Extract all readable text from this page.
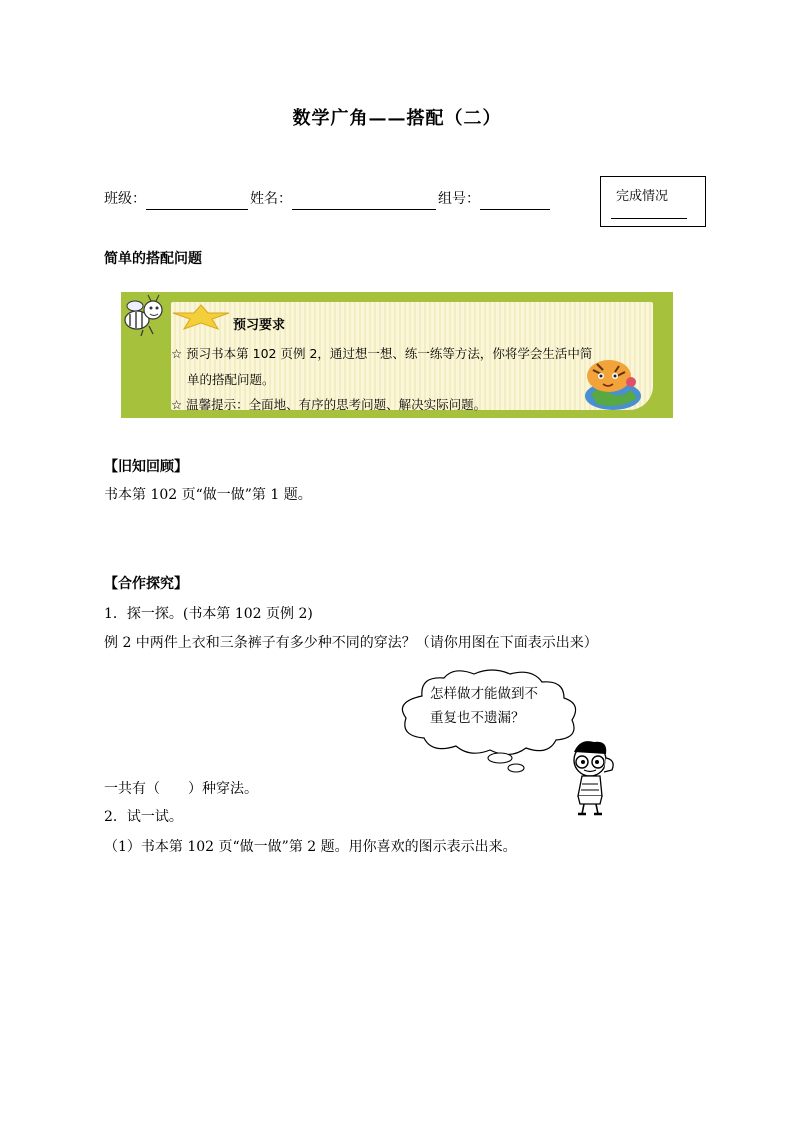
数学广角——搭配（二）
班级：	姓名：	组号：	完成情况
简单的搭配问题
预习要求
☆ 预习书本第 102 页例 2，通过想一想、练一练等方法，你将学会生活中简
单的搭配问题。
☆ 温馨提示：全面地、有序的思考问题、解决实际问题。
【旧知回顾】
书本第 102 页“做一做”第 1 题。
【合作探究】
1．探一探。(书本第 102 页例 2)
例 2 中两件上衣和三条裤子有多少种不同的穿法？（请你用图在下面表示出来）
怎样做才能做到不
重复也不遗漏？
一共有（　　）种穿法。
2．试一试。
（1）书本第 102 页“做一做”第 2 题。用你喜欢的图示表示出来。
